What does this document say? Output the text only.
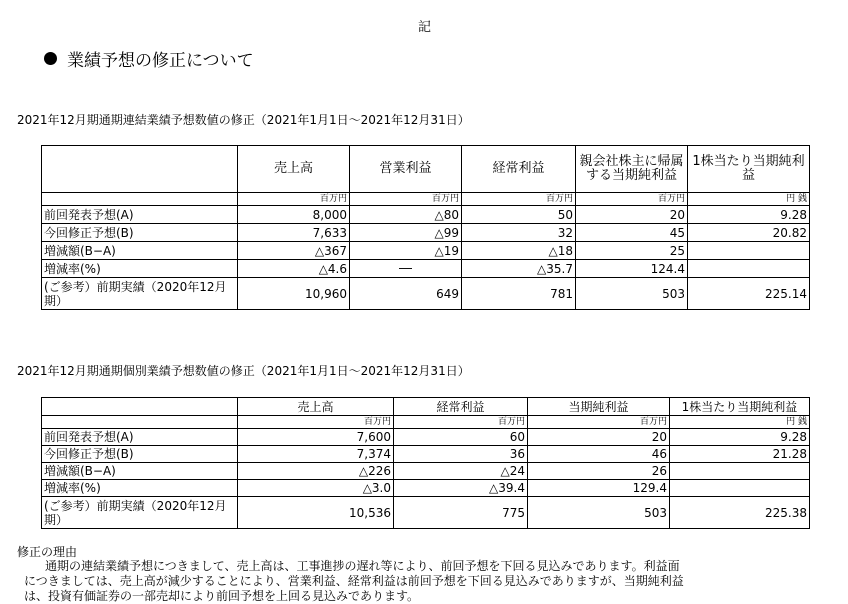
記
業績予想の修正について
2021年12月期通期連結業績予想数値の修正（2021年1月1日～2021年12月31日）
	売上高	営業利益	経常利益	親会社株主に帰属する当期純利益	1株当たり当期純利益
	百万円	百万円	百万円	百万円	円 銭
前回発表予想(A)	8,000	△80	50	20	9.28
今回修正予想(B)	7,633	△99	32	45	20.82
増減額(B−A)	△367	△19	△18	25	
増減率(%)	△4.6	―	△35.7	124.4	
(ご参考）前期実績（2020年12月期）	10,960	649	781	503	225.14
2021年12月期通期個別業績予想数値の修正（2021年1月1日～2021年12月31日）
	売上高	経常利益	当期純利益	1株当たり当期純利益
	百万円	百万円	百万円	円 銭
前回発表予想(A)	7,600	60	20	9.28
今回修正予想(B)	7,374	36	46	21.28
増減額(B−A)	△226	△24	26	
増減率(%)	△3.0	△39.4	129.4	
(ご参考）前期実績（2020年12月期）	10,536	775	503	225.38
修正の理由

通期の連結業績予想につきまして、売上高は、工事進捗の遅れ等により、前回予想を下回る見込みであります。利益面

につきましては、売上高が減少することにより、営業利益、経常利益は前回予想を下回る見込みでありますが、当期純利益

は、投資有価証券の一部売却により前回予想を上回る見込みであります。
